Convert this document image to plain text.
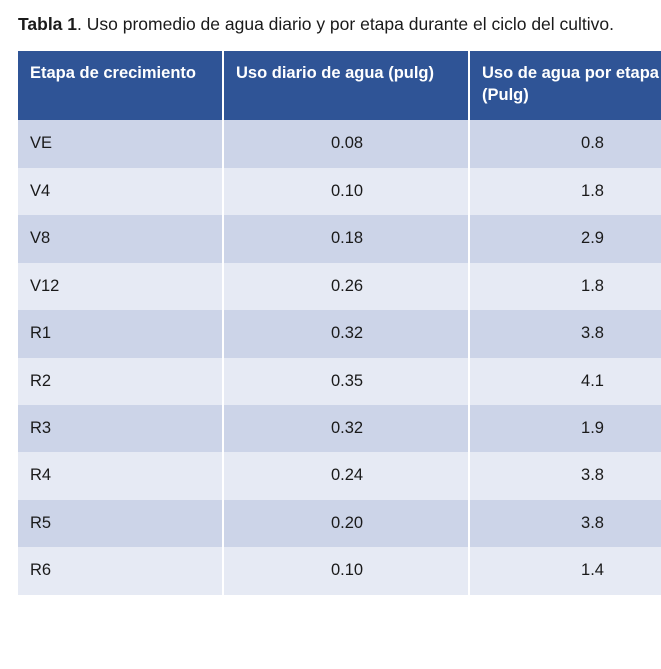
Tabla 1. Uso promedio de agua diario y por etapa durante el ciclo del cultivo.

Etapa de crecimiento	Uso diario de agua (pulg)	Uso de agua por etapa (Pulg)
VE	0.08	0.8
V4	0.10	1.8
V8	0.18	2.9
V12	0.26	1.8
R1	0.32	3.8
R2	0.35	4.1
R3	0.32	1.9
R4	0.24	3.8
R5	0.20	3.8
R6	0.10	1.4
